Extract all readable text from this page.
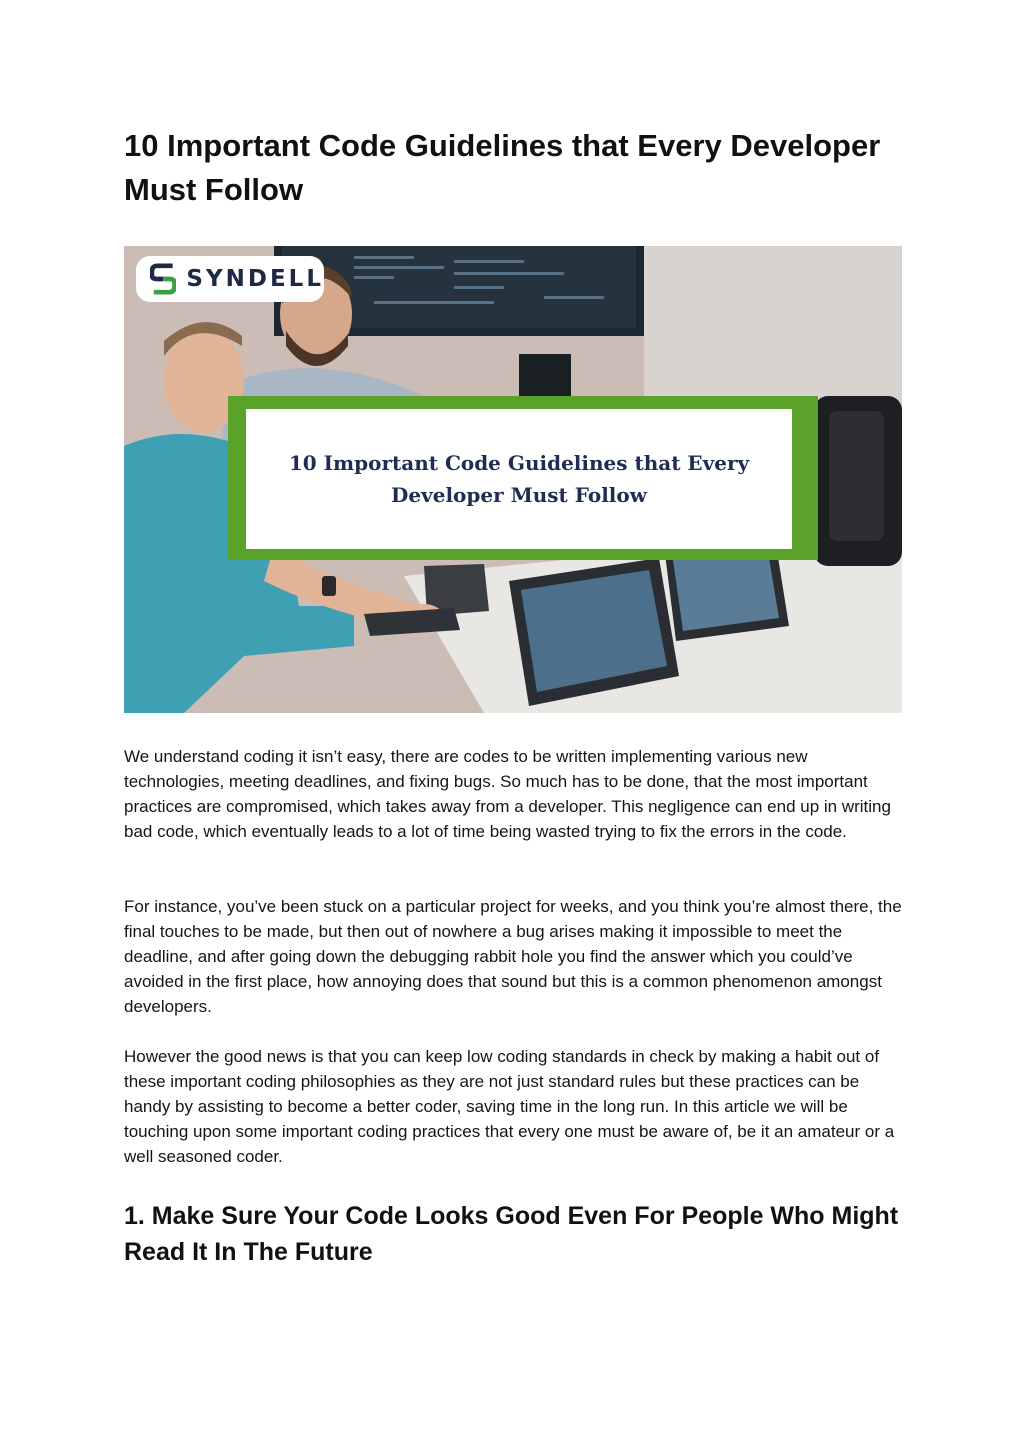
10 Important Code Guidelines that Every Developer Must Follow
SYNDELL
10 Important Code Guidelines that Every
Developer Must Follow

We understand coding it isn’t easy, there are codes to be written implementing various new technologies, meeting deadlines, and fixing bugs. So much has to be done, that the most important practices are compromised, which takes away from a developer. This negligence can end up in writing bad code, which eventually leads to a lot of time being wasted trying to fix the errors in the code.

For instance, you’ve been stuck on a particular project for weeks, and you think you’re almost there, the final touches to be made, but then out of nowhere a bug arises making it impossible to meet the deadline, and after going down the debugging rabbit hole you find the answer which you could’ve avoided in the first place, how annoying does that sound but this is a common phenomenon amongst developers.

However the good news is that you can keep low coding standards in check by making a habit out of these important coding philosophies as they are not just standard rules but these practices can be handy by assisting to become a better coder, saving time in the long run. In this article we will be touching upon some important coding practices that every one must be aware of, be it an amateur or a well seasoned coder.

1. Make Sure Your Code Looks Good Even For People Who Might Read It In The Future
